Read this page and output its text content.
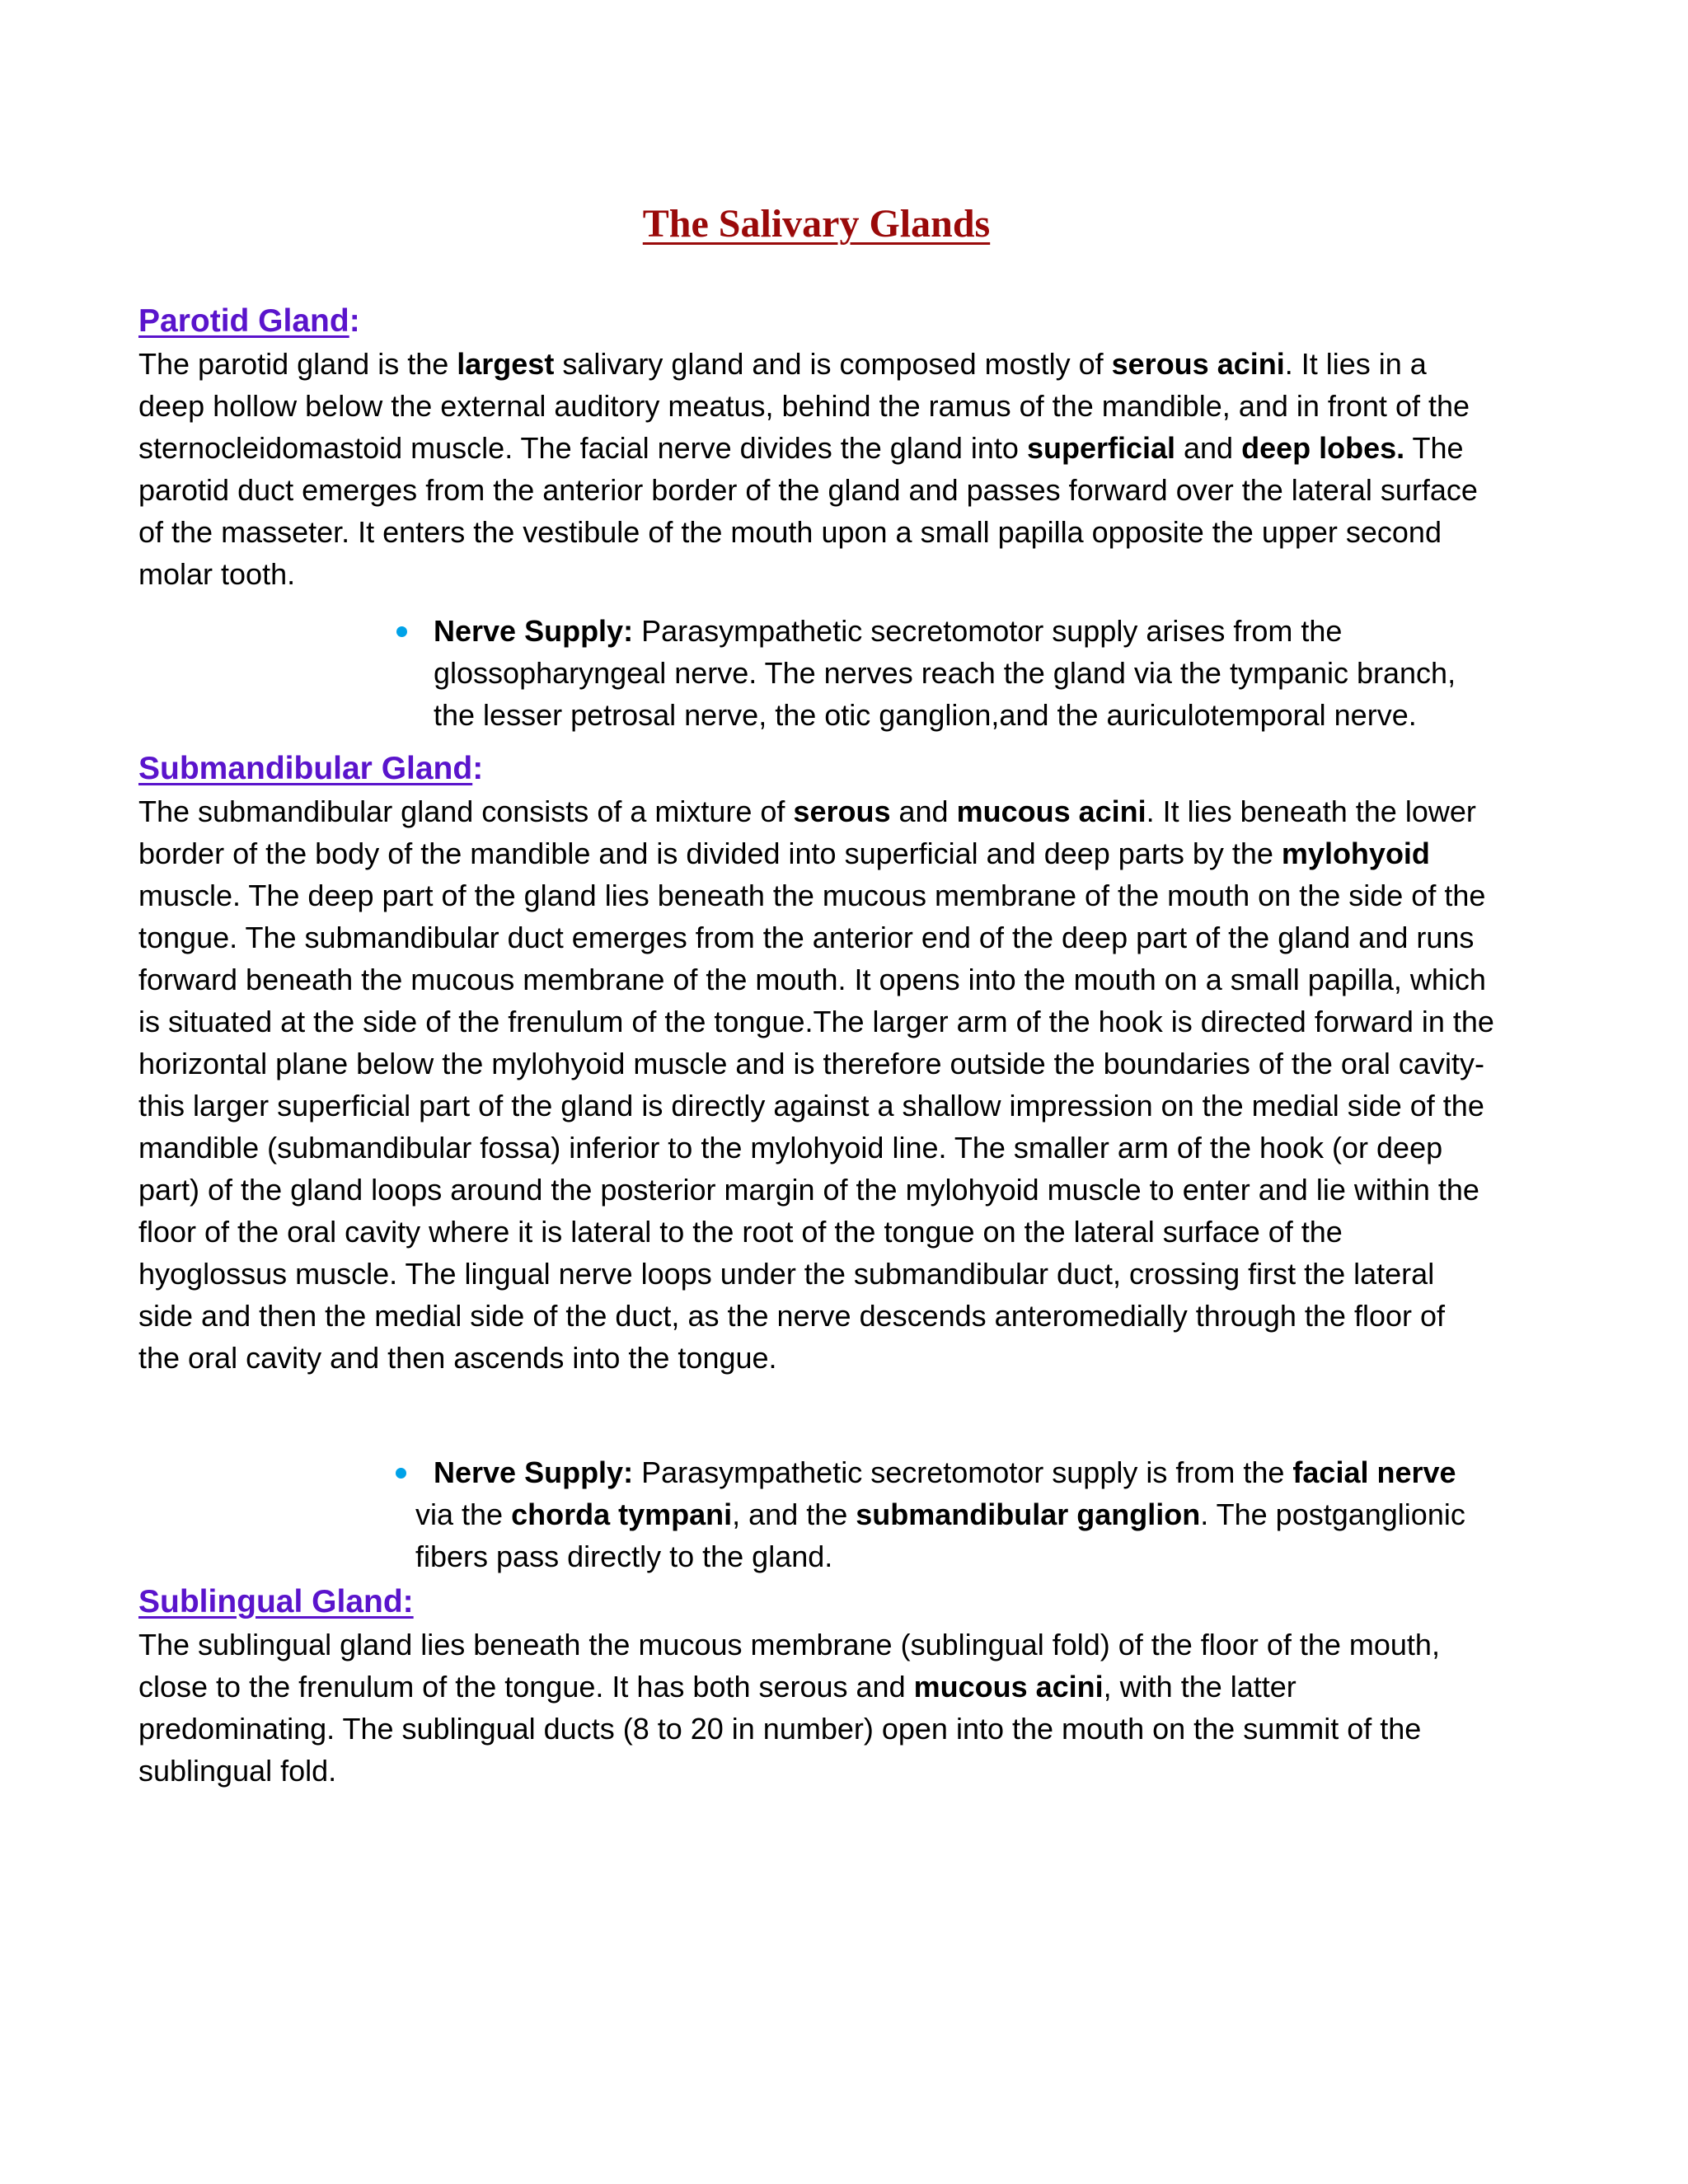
The Salivary Glands
Parotid Gland:

The parotid gland is the largest salivary gland and is composed mostly of serous acini. It lies in a deep hollow below the external auditory meatus, behind the ramus of the mandible, and in front of the sternocleidomastoid muscle. The facial nerve divides the gland into superficial and deep lobes. The parotid duct emerges from the anterior border of the gland and passes forward over the lateral surface of the masseter. It enters the vestibule of the mouth upon a small papilla opposite the upper second molar tooth.

Nerve Supply: Parasympathetic secretomotor supply arises from the glossopharyngeal nerve. The nerves reach the gland via the tympanic branch, the lesser petrosal nerve, the otic ganglion,and the auriculotemporal nerve.

Submandibular Gland:

The submandibular gland consists of a mixture of serous and mucous acini. It lies beneath the lower border of the body of the mandible and is divided into superficial and deep parts by the mylohyoid muscle. The deep part of the gland lies beneath the mucous membrane of the mouth on the side of the tongue. The submandibular duct emerges from the anterior end of the deep part of the gland and runs forward beneath the mucous membrane of the mouth. It opens into the mouth on a small papilla, which is situated at the side of the frenulum of the tongue.The larger arm of the hook is directed forward in the horizontal plane below the mylohyoid muscle and is therefore outside the boundaries of the oral cavity-this larger superficial part of the gland is directly against a shallow impression on the medial side of the mandible (submandibular fossa) inferior to the mylohyoid line. The smaller arm of the hook (or deep part) of the gland loops around the posterior margin of the mylohyoid muscle to enter and lie within the floor of the oral cavity where it is lateral to the root of the tongue on the lateral surface of the hyoglossus muscle. The lingual nerve loops under the submandibular duct, crossing first the lateral side and then the medial side of the duct, as the nerve descends anteromedially through the floor of the oral cavity and then ascends into the tongue.

Nerve Supply: Parasympathetic secretomotor supply is from the facial nerve via the chorda tympani, and the submandibular ganglion. The postganglionic fibers pass directly to the gland.

Sublingual Gland:

The sublingual gland lies beneath the mucous membrane (sublingual fold) of the floor of the mouth, close to the frenulum of the tongue. It has both serous and mucous acini, with the latter predominating. The sublingual ducts (8 to 20 in number) open into the mouth on the summit of the sublingual fold.
